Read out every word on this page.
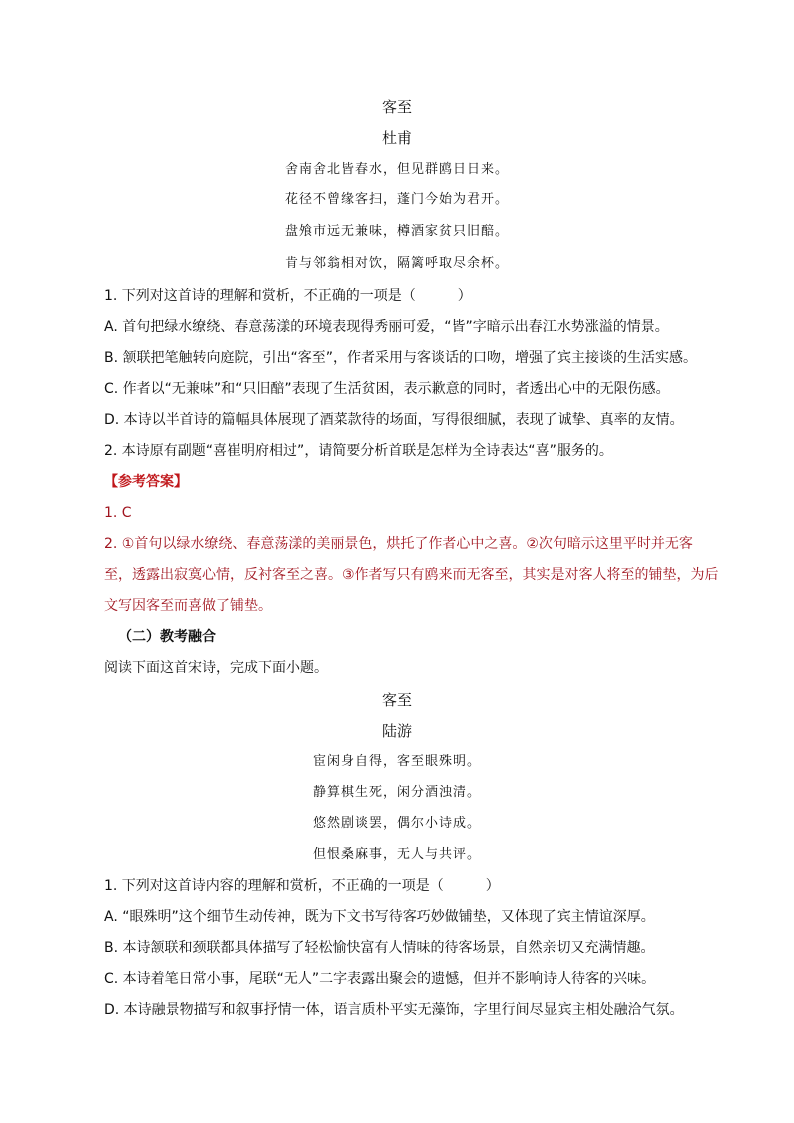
客至
杜甫
舍南舍北皆春水，但见群鸥日日来。
花径不曾缘客扫，蓬门今始为君开。
盘飧市远无兼味，樽酒家贫只旧醅。
肯与邻翁相对饮，隔篱呼取尽余杯。
1. 下列对这首诗的理解和赏析，不正确的一项是（　　　）
A. 首句把绿水缭绕、春意荡漾的环境表现得秀丽可爱，“皆”字暗示出春江水势涨溢的情景。
B. 颔联把笔触转向庭院，引出“客至”，作者采用与客谈话的口吻，增强了宾主接谈的生活实感。
C. 作者以“无兼味”和“只旧醅”表现了生活贫困，表示歉意的同时，者透出心中的无限伤感。
D. 本诗以半首诗的篇幅具体展现了酒菜款待的场面，写得很细腻，表现了诚挚、真率的友情。
2. 本诗原有副题“喜崔明府相过”，请简要分析首联是怎样为全诗表达“喜”服务的。
【参考答案】
1. C
2. ①首句以绿水缭绕、春意荡漾的美丽景色，烘托了作者心中之喜。②次句暗示这里平时并无客
至，透露出寂寞心情，反衬客至之喜。③作者写只有鸥来而无客至，其实是对客人将至的铺垫，为后
文写因客至而喜做了铺垫。
（二）教考融合
阅读下面这首宋诗，完成下面小题。
客至
陆游
宦闲身自得，客至眼殊明。
静算棋生死，闲分酒浊清。
悠然剧谈罢，偶尔小诗成。
但恨桑麻事，无人与共评。
1. 下列对这首诗内容的理解和赏析，不正确的一项是（　　　）
A. “眼殊明”这个细节生动传神，既为下文书写待客巧妙做铺垫，又体现了宾主情谊深厚。
B. 本诗颔联和颈联都具体描写了轻松愉快富有人情味的待客场景，自然亲切又充满情趣。
C. 本诗着笔日常小事，尾联“无人”二字表露出聚会的遗憾，但并不影响诗人待客的兴味。
D. 本诗融景物描写和叙事抒情一体，语言质朴平实无藻饰，字里行间尽显宾主相处融洽气氛。
